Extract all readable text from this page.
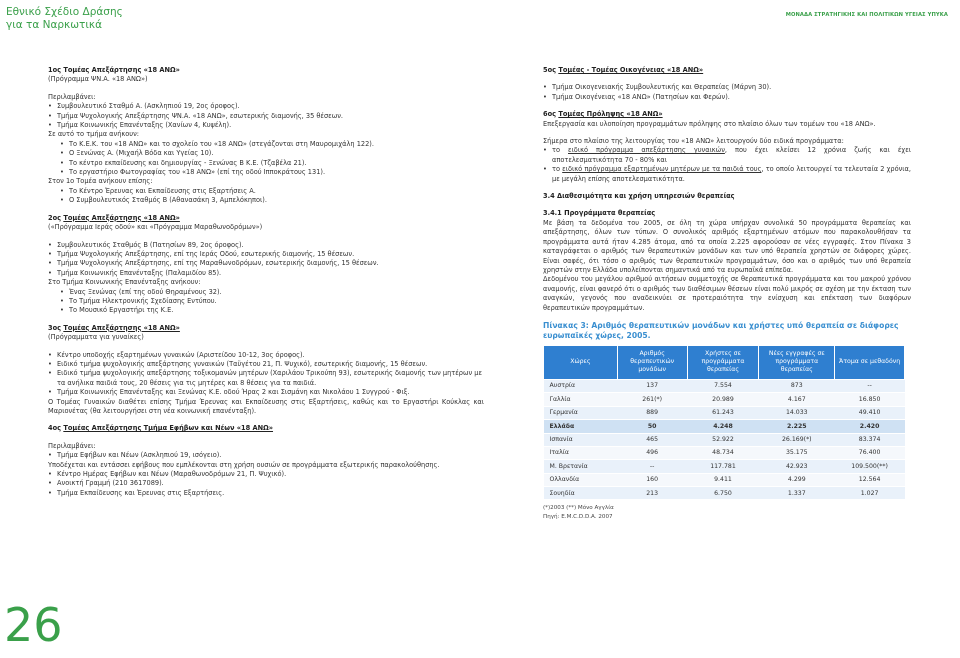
Εθνικό Σχέδιο Δράσης
για τα Ναρκωτικά
ΜΟΝΑΔΑ ΣΤΡΑΤΗΓΙΚΗΣ ΚΑΙ ΠΟΛΙΤΙΚΩΝ ΥΓΕΙΑΣ ΥΠΥΚΑ
26

1ος Τομέας Απεξάρτησης «18 ΑΝΩ»

(Πρόγραμμα ΨΝ.Α. «18 ΑΝΩ»)

Περιλαμβάνει:

• Συμβουλευτικό Σταθμό Α. (Ασκληπιού 19, 2ος όροφος).
• Τμήμα Ψυχολογικής Απεξάρτησης ΨΝ.Α. «18 ΑΝΩ», εσωτερικής διαμονής, 35 θέσεων.
• Τμήμα Κοινωνικής Επανένταξης (Χανίων 4, Κυψέλη).

Σε αυτό το τμήμα ανήκουν:

• Το Κ.Ε.Κ. του «18 ΑΝΩ» και το σχολείο του «18 ΑΝΩ» (στεγάζονται στη Μαυρομιχάλη 122).
• Ο Ξενώνας Α. (Μιχαήλ Βόδα και Υγείας 10).
• Το κέντρο εκπαίδευσης και δημιουργίας - Ξενώνας Β Κ.Ε. (Τζαβέλα 21).
• Το εργαστήριο Φωτογραφίας του «18 ΑΝΩ» (επί της οδού Ιπποκράτους 131).

Στον 1ο Τομέα ανήκουν επίσης:

• Το Κέντρο Έρευνας και Εκπαίδευσης στις Εξαρτήσεις Α.
• Ο Συμβουλευτικός Σταθμός Β (Αθανασάκη 3, Αμπελόκηποι).

2ος Τομέας Απεξάρτησης «18 ΑΝΩ»

(«Πρόγραμμα Ιεράς οδού» και «Πρόγραμμα Μαραθωνοδρόμων»)

• Συμβουλευτικός Σταθμός Β (Πατησίων 89, 2ος όροφος).
• Τμήμα Ψυχολογικής Απεξάρτησης, επί της Ιεράς Οδού, εσωτερικής διαμονής, 15 θέσεων.
• Τμήμα Ψυχολογικής Απεξάρτησης, επί της Μαραθωνοδρόμων, εσωτερικής διαμονής, 15 θέσεων.
• Τμήμα Κοινωνικής Επανένταξης (Παλαμιδίου 85).

Στο Τμήμα Κοινωνικής Επανένταξης ανήκουν:

• Ένας Ξενώνας (επί της οδού Θηραμένους 32).
• Το Τμήμα Ηλεκτρονικής Σχεδίασης Εντύπου.
• Το Μουσικό Εργαστήρι της Κ.Ε.

3ος Τομέας Απεξάρτησης «18 ΑΝΩ»

(Πρόγραμματα για γυναίκες)

• Κέντρο υποδοχής εξαρτημένων γυναικών (Αριστείδου 10-12, 3ος όροφος).
• Ειδικό τμήμα ψυχολογικής απεξάρτησης γυναικών (Ταϋγέτου 21, Π. Ψυχικό), εσωτερικής διαμονής, 15 θέσεων.
• Ειδικό τμήμα ψυχολογικής απεξάρτησης τοξικομανών μητέρων (Χαριλάου Τρικούπη 93), εσωτερικής διαμονής των μητέρων με τα ανήλικα παιδιά τους, 20 θέσεις για τις μητέρες και 8 θέσεις για τα παιδιά.
• Τμήμα Κοινωνικής Επανένταξης και Ξενώνας Κ.Ε. οδού Ήρας 2 και Σισμάνη και Νικολάου 1 Συγγρού - Φιξ.

Ο Τομέας Γυναικών διαθέτει επίσης Τμήμα Έρευνας και Εκπαίδευσης στις Εξαρτήσεις, καθώς και το Εργαστήρι Κούκλας και Μαριονέτας (θα λειτουργήσει στη νέα κοινωνική επανένταξη).

4ος Τομέας Απεξάρτησης Τμήμα Εφήβων και Νέων «18 ΑΝΩ»

Περιλαμβάνει:

• Τμήμα Εφήβων και Νέων (Ασκληπιού 19, ισόγειο).

Υποδέχεται και εντάσσει εφήβους που εμπλέκονται στη χρήση ουσιών σε προγράμματα εξωτερικής παρακολούθησης.

• Κέντρο Ημέρας Εφήβων και Νέων (Μαραθωνοδρόμων 21, Π. Ψυχικό).
• Ανοικτή Γραμμή (210 3617089).
• Τμήμα Εκπαίδευσης και Έρευνας στις Εξαρτήσεις.

5ος Τομέας - Τομέας Οικογένειας «18 ΑΝΩ»

• Τμήμα Οικογενειακής Συμβουλευτικής και Θεραπείας (Μάρνη 30).
• Τμήμα Οικογένειας «18 ΑΝΩ» (Πατησίων και Φερών).

6ος Τομέας Πρόληψης «18 ΑΝΩ»

Επεξεργασία και υλοποίηση προγραμμάτων πρόληψης στο πλαίσιο όλων των τομέων του «18 ΑΝΩ».

Σήμερα στο πλαίσιο της λειτουργίας του «18 ΑΝΩ» λειτουργούν δύο ειδικά προγράμματα:

• το ειδικό πρόγραμμα απεξάρτησης γυναικών, που έχει κλείσει 12 χρόνια ζωής και έχει αποτελεσματικότητα 70 - 80% και
• το ειδικό πρόγραμμα εξαρτημένων μητέρων με τα παιδιά τους, το οποίο λειτουργεί τα τελευταία 2 χρόνια, με μεγάλη επίσης αποτελεσματικότητα.

3.4 Διαθεσιμότητα και χρήση υπηρεσιών θεραπείας

3.4.1 Προγράμματα θεραπείας

Με βάση τα δεδομένα του 2005, σε όλη τη χώρα υπήρχαν συνολικά 50 προγράμματα θεραπείας και απεξάρτησης, όλων των τύπων. Ο συνολικός αριθμός εξαρτημένων ατόμων που παρακολουθήσαν τα προγράμματα αυτά ήταν 4.285 άτομα, από τα οποία 2.225 αφορούσαν σε νέες εγγραφές. Στον Πίνακα 3 καταγράφεται ο αριθμός των θεραπευτικών μονάδων και των υπό θεραπεία χρηστών σε διάφορες χώρες. Είναι σαφές, ότι τόσο ο αριθμός των θεραπευτικών προγραμμάτων, όσο και ο αριθμός των υπό θεραπεία χρηστών στην Ελλάδα υπολείπονται σημαντικά από τα ευρωπαϊκά επίπεδα.

Δεδομένου του μεγάλου αριθμού αιτήσεων συμμετοχής σε θεραπευτικά προγράμματα και του μακρού χρόνου αναμονής, είναι φανερό ότι ο αριθμός των διαθέσιμων θέσεων είναι πολύ μικρός σε σχέση με την έκταση των αναγκών, γεγονός που αναδεικνύει σε προτεραιότητα την ενίσχυση και επέκταση των διαφόρων θεραπευτικών προγραμμάτων.

Πίνακας 3: Αριθμός θεραπευτικών μονάδων και χρήστες υπό θεραπεία σε διάφορες ευρωπαϊκές χώρες, 2005.

Χώρες	Αριθμός θεραπευτικών μονάδων	Χρήστες σε προγράμματα θεραπείας	Νέες εγγραφές σε προγράμματα θεραπείας	Άτομα σε μεθαδόνη
Αυστρία	137	7.554	873	--
Γαλλία	261(*)	20.989	4.167	16.850
Γερμανία	889	61.243	14.033	49.410
Ελλάδα	50	4.248	2.225	2.420
Ισπανία	465	52.922	26.169(*)	83.374
Ιταλία	496	48.734	35.175	76.400
Μ. Βρετανία	--	117.781	42.923	109.500(**)
Ολλανδία	160	9.411	4.299	12.564
Σουηδία	213	6.750	1.337	1.027

(*)2003 (**) Μόνο Αγγλία

Πηγή: Ε.Μ.C.D.D.A. 2007
